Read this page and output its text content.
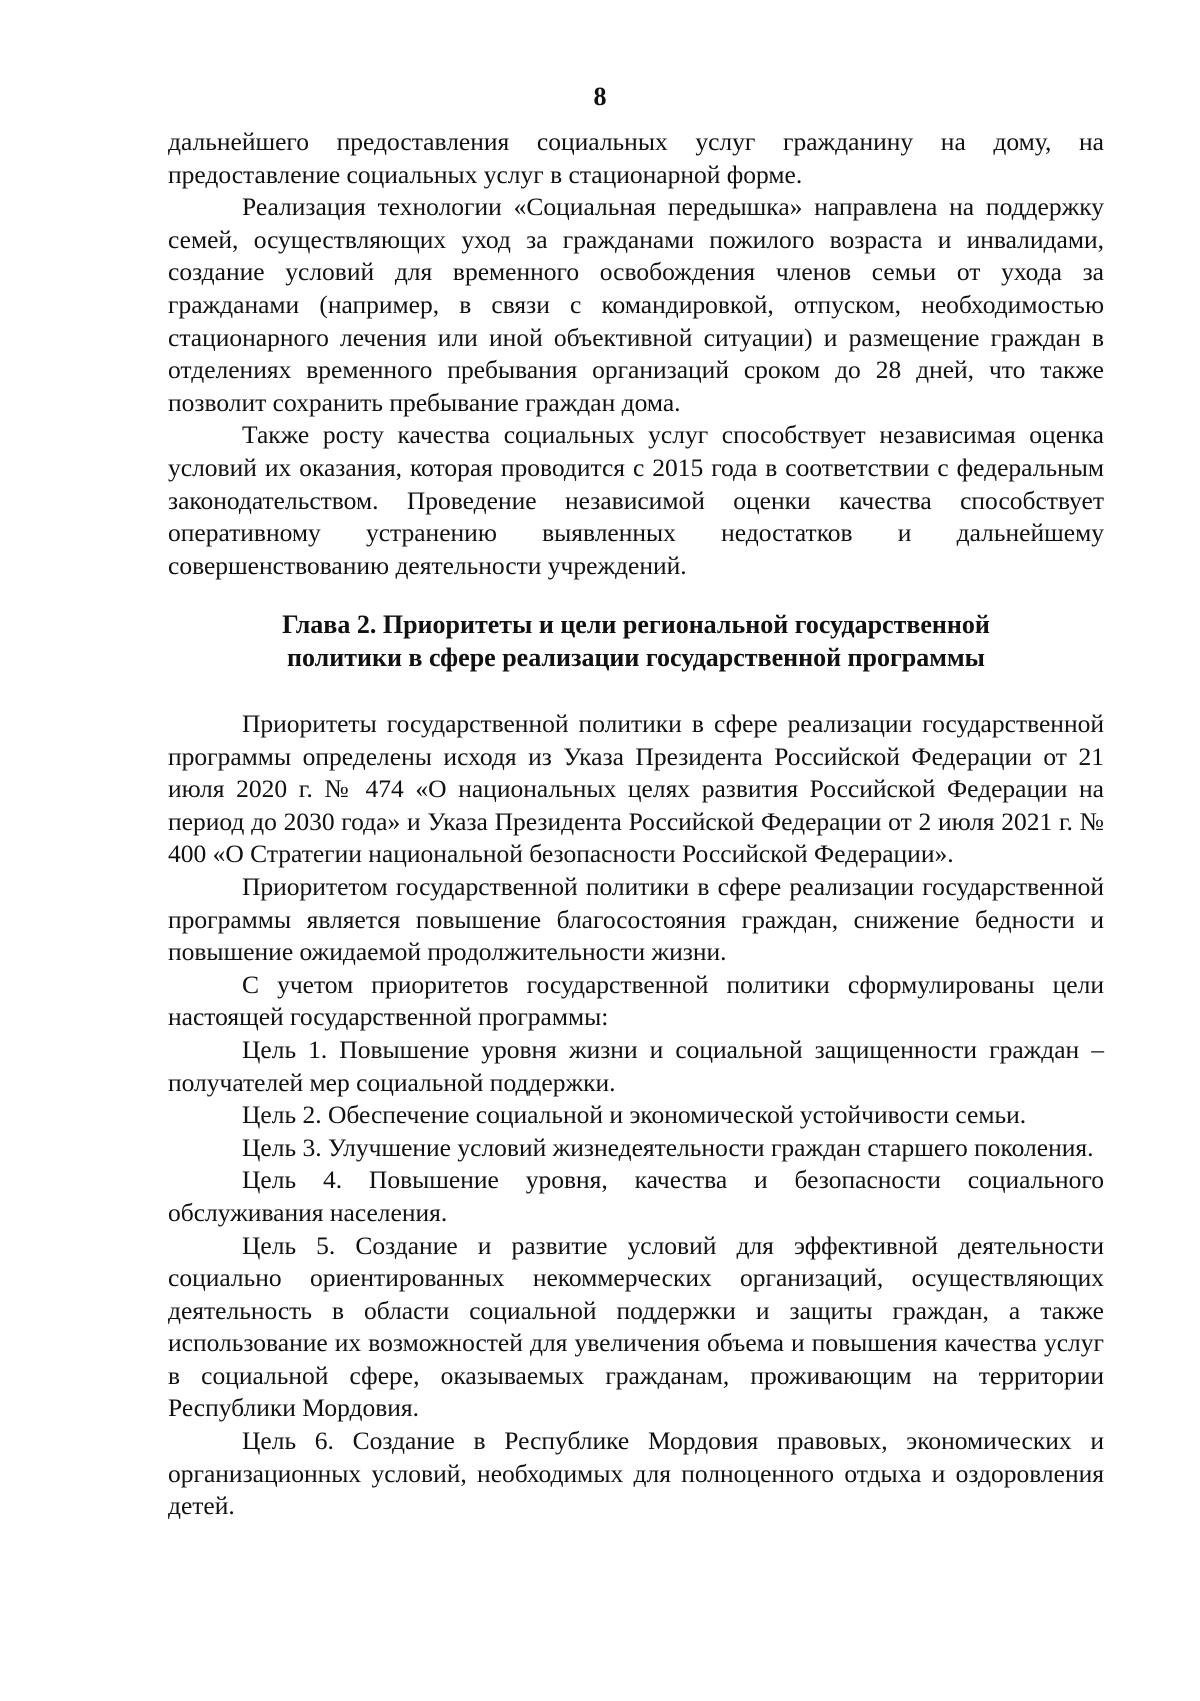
8

дальнейшего предоставления социальных услуг гражданину на дому, на предоставление социальных услуг в стационарной форме.

Реализация технологии «Социальная передышка» направлена на поддержку семей, осуществляющих уход за гражданами пожилого возраста и инвалидами, создание условий для временного освобождения членов семьи от ухода за гражданами (например, в связи с командировкой, отпуском, необходимостью стационарного лечения или иной объективной ситуации) и размещение граждан в отделениях временного пребывания организаций сроком до 28 дней, что также позволит сохранить пребывание граждан дома.

Также росту качества социальных услуг способствует независимая оценка условий их оказания, которая проводится с 2015 года в соответствии с федеральным законодательством. Проведение независимой оценки качества способствует оперативному устранению выявленных недостатков и дальнейшему совершенствованию деятельности учреждений.

Глава 2. Приоритеты и цели региональной государственной
политики в сфере реализации государственной программы

Приоритеты государственной политики в сфере реализации государственной программы определены исходя из Указа Президента Российской Федерации от 21 июля 2020 г. № 474 «О национальных целях развития Российской Федерации на период до 2030 года» и Указа Президента Российской Федерации от 2 июля 2021 г. № 400 «О Стратегии национальной безопасности Российской Федерации».

Приоритетом государственной политики в сфере реализации государственной программы является повышение благосостояния граждан, снижение бедности и повышение ожидаемой продолжительности жизни.

С учетом приоритетов государственной политики сформулированы цели настоящей государственной программы:

Цель 1. Повышение уровня жизни и социальной защищенности граждан – получателей мер социальной поддержки.

Цель 2. Обеспечение социальной и экономической устойчивости семьи.

Цель 3. Улучшение условий жизнедеятельности граждан старшего поколения.

Цель 4. Повышение уровня, качества и безопасности социального обслуживания населения.

Цель 5. Создание и развитие условий для эффективной деятельности социально ориентированных некоммерческих организаций, осуществляющих деятельность в области социальной поддержки и защиты граждан, а также использование их возможностей для увеличения объема и повышения качества услуг в социальной сфере, оказываемых гражданам, проживающим на территории Республики Мордовия.

Цель 6. Создание в Республике Мордовия правовых, экономических и организационных условий, необходимых для полноценного отдыха и оздоровления детей.
